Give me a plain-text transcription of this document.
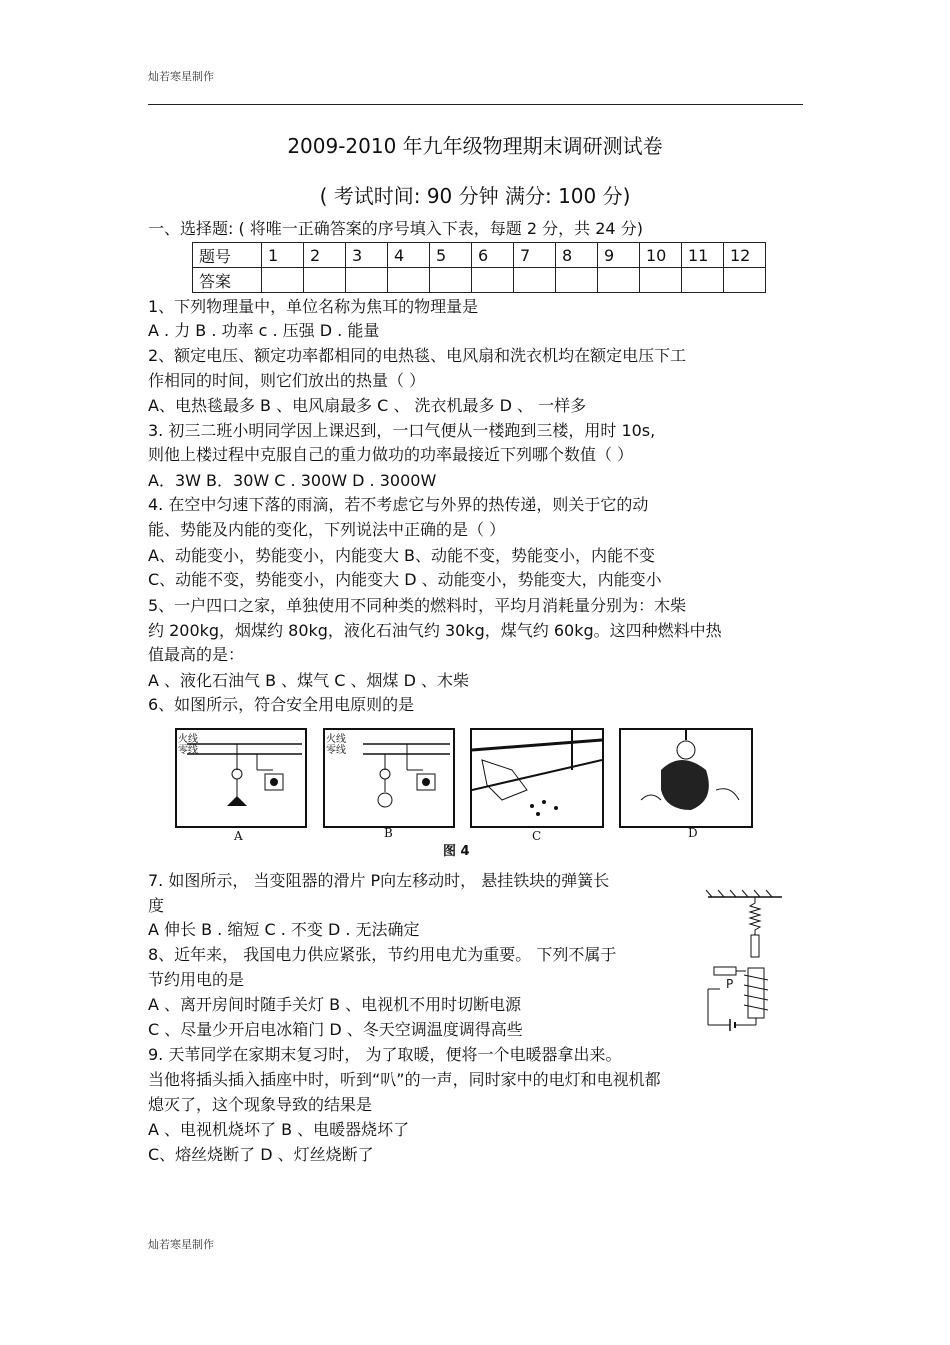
灿若寒星制作
2009-2010 年九年级物理期末调研测试卷
( 考试时间: 90 分钟 满分: 100 分)
一、选择题: ( 将唯一正确答案的序号填入下表，每题 2 分，共 24 分)
题号	1	2	3	4	5	6	7	8	9	10	11	12
答案												
1、下列物理量中，单位名称为焦耳的物理量是
A . 力 B . 功率 c . 压强 D . 能量
2、额定电压、额定功率都相同的电热毯、电风扇和洗衣机均在额定电压下工
作相同的时间，则它们放出的热量（ ）
A、电热毯最多 B 、电风扇最多 C 、 洗衣机最多 D 、 一样多
3. 初三二班小明同学因上课迟到，一口气便从一楼跑到三楼，用时 10s,
则他上楼过程中克服自己的重力做功的功率最接近下列哪个数值（ ）
A．3W B．30W C . 300W D . 3000W
4. 在空中匀速下落的雨滴，若不考虑它与外界的热传递，则关于它的动
能、势能及内能的变化，下列说法中正确的是（ ）
A、动能变小，势能变小，内能变大 B、动能不变，势能变小，内能不变
C、动能不变，势能变小，内能变大 D 、动能变小，势能变大，内能变小
5、一户四口之家，单独使用不同种类的燃料时，平均月消耗量分别为：木柴
约 200kg，烟煤约 80kg，液化石油气约 30kg，煤气约 60kg。这四种燃料中热
值最高的是：
A 、液化石油气 B 、煤气 C 、烟煤 D 、木柴
6、如图所示，符合安全用电原则的是
火线
零线
火线
零线
A	B	C	D
图 4
7. 如图所示， 当变阻器的滑片 P向左移动时， 悬挂铁块的弹簧长
度
A 伸长 B . 缩短 C . 不变 D . 无法确定
8、近年来， 我国电力供应紧张，节约用电尤为重要。 下列不属于
节约用电的是
A 、离开房间时随手关灯 B 、电视机不用时切断电源
C 、尽量少开启电冰箱门 D 、冬天空调温度调得高些
9. 天苇同学在家期末复习时， 为了取暖，便将一个电暖器拿出来。
当他将插头插入插座中时，听到“叭”的一声，同时家中的电灯和电视机都
熄灭了，这个现象导致的结果是
A 、电视机烧坏了 B 、电暖器烧坏了
C、熔丝烧断了 D 、灯丝烧断了
P
灿若寒星制作
